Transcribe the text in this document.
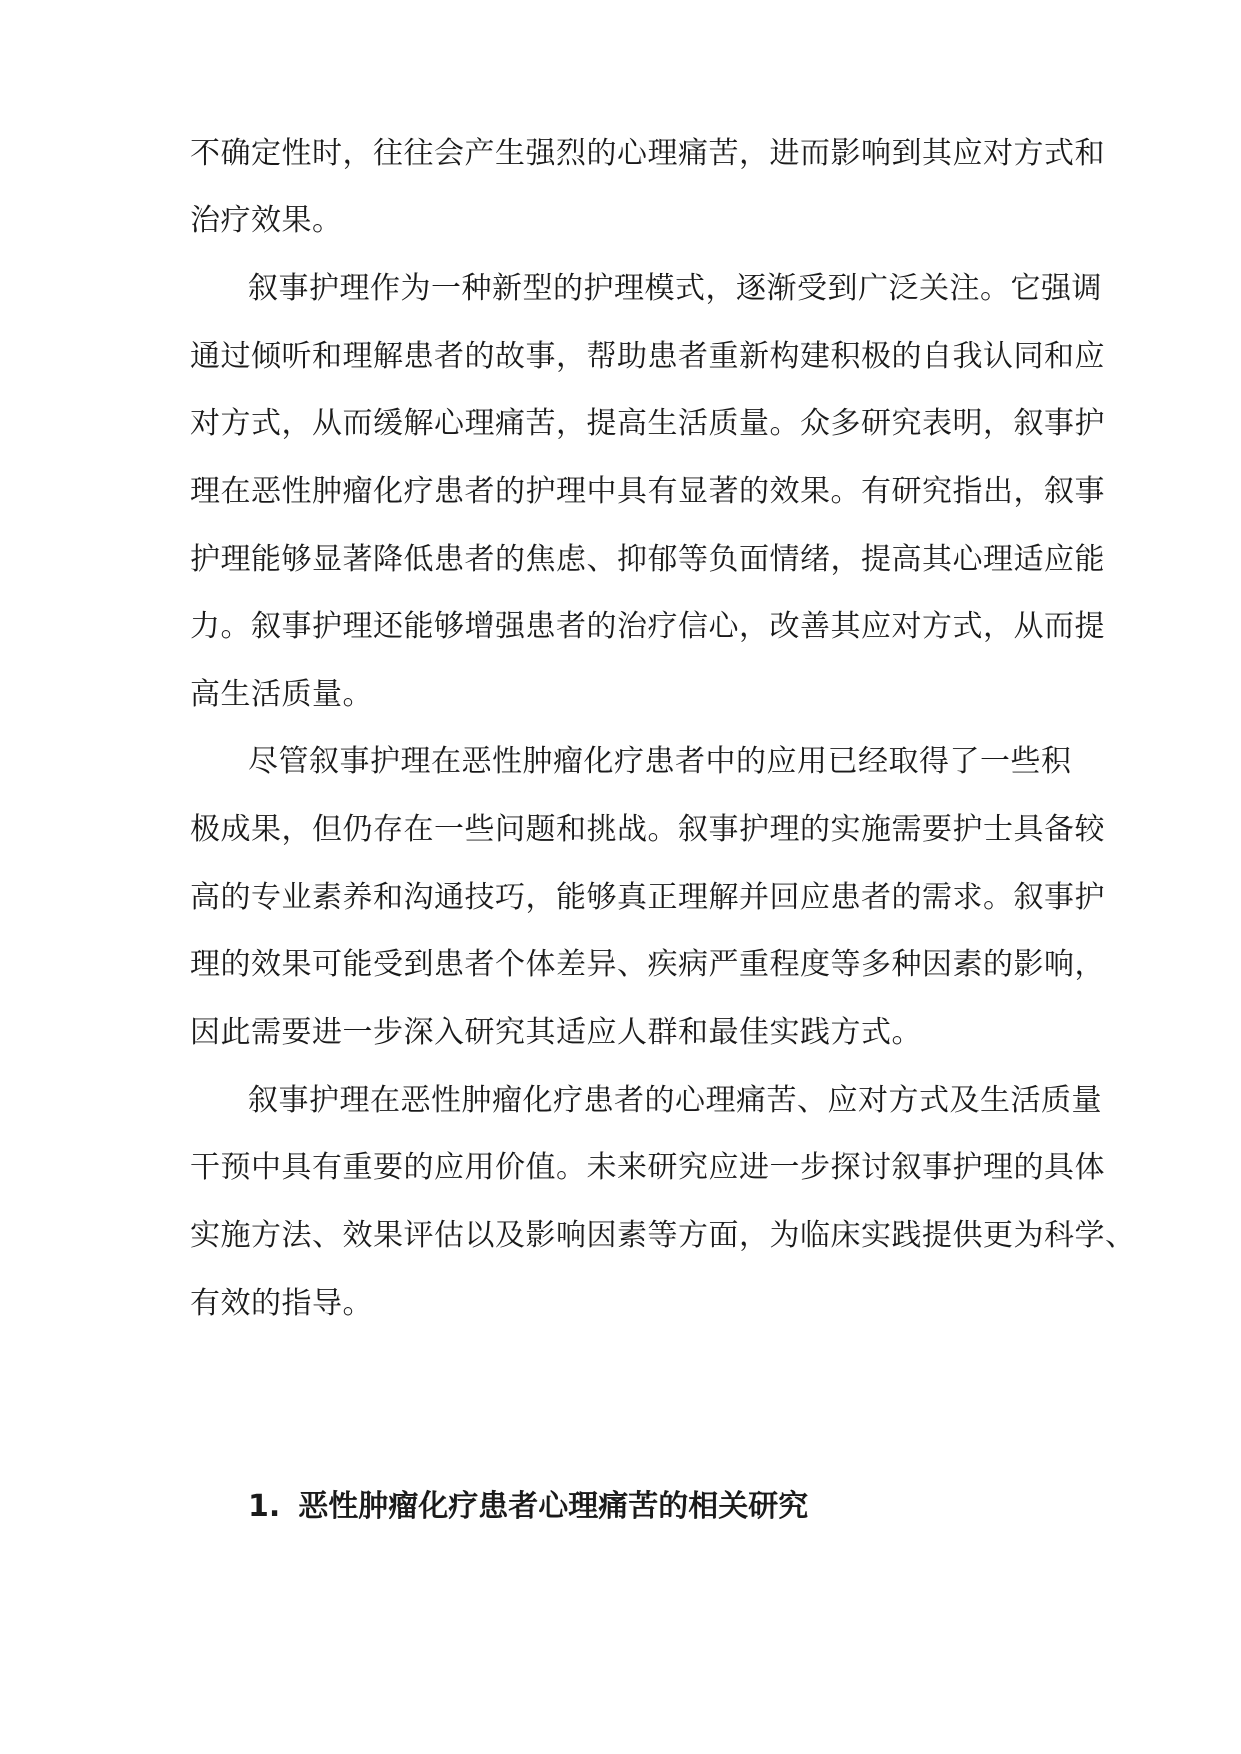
不确定性时，往往会产生强烈的心理痛苦，进而影响到其应对方式和
治疗效果。
叙事护理作为一种新型的护理模式，逐渐受到广泛关注。它强调
通过倾听和理解患者的故事，帮助患者重新构建积极的自我认同和应
对方式，从而缓解心理痛苦，提高生活质量。众多研究表明，叙事护
理在恶性肿瘤化疗患者的护理中具有显著的效果。有研究指出，叙事
护理能够显著降低患者的焦虑、抑郁等负面情绪，提高其心理适应能
力。叙事护理还能够增强患者的治疗信心，改善其应对方式，从而提
高生活质量。
尽管叙事护理在恶性肿瘤化疗患者中的应用已经取得了一些积
极成果，但仍存在一些问题和挑战。叙事护理的实施需要护士具备较
高的专业素养和沟通技巧，能够真正理解并回应患者的需求。叙事护
理的效果可能受到患者个体差异、疾病严重程度等多种因素的影响，
因此需要进一步深入研究其适应人群和最佳实践方式。
叙事护理在恶性肿瘤化疗患者的心理痛苦、应对方式及生活质量
干预中具有重要的应用价值。未来研究应进一步探讨叙事护理的具体
实施方法、效果评估以及影响因素等方面，为临床实践提供更为科学、
有效的指导。
1. 恶性肿瘤化疗患者心理痛苦的相关研究
